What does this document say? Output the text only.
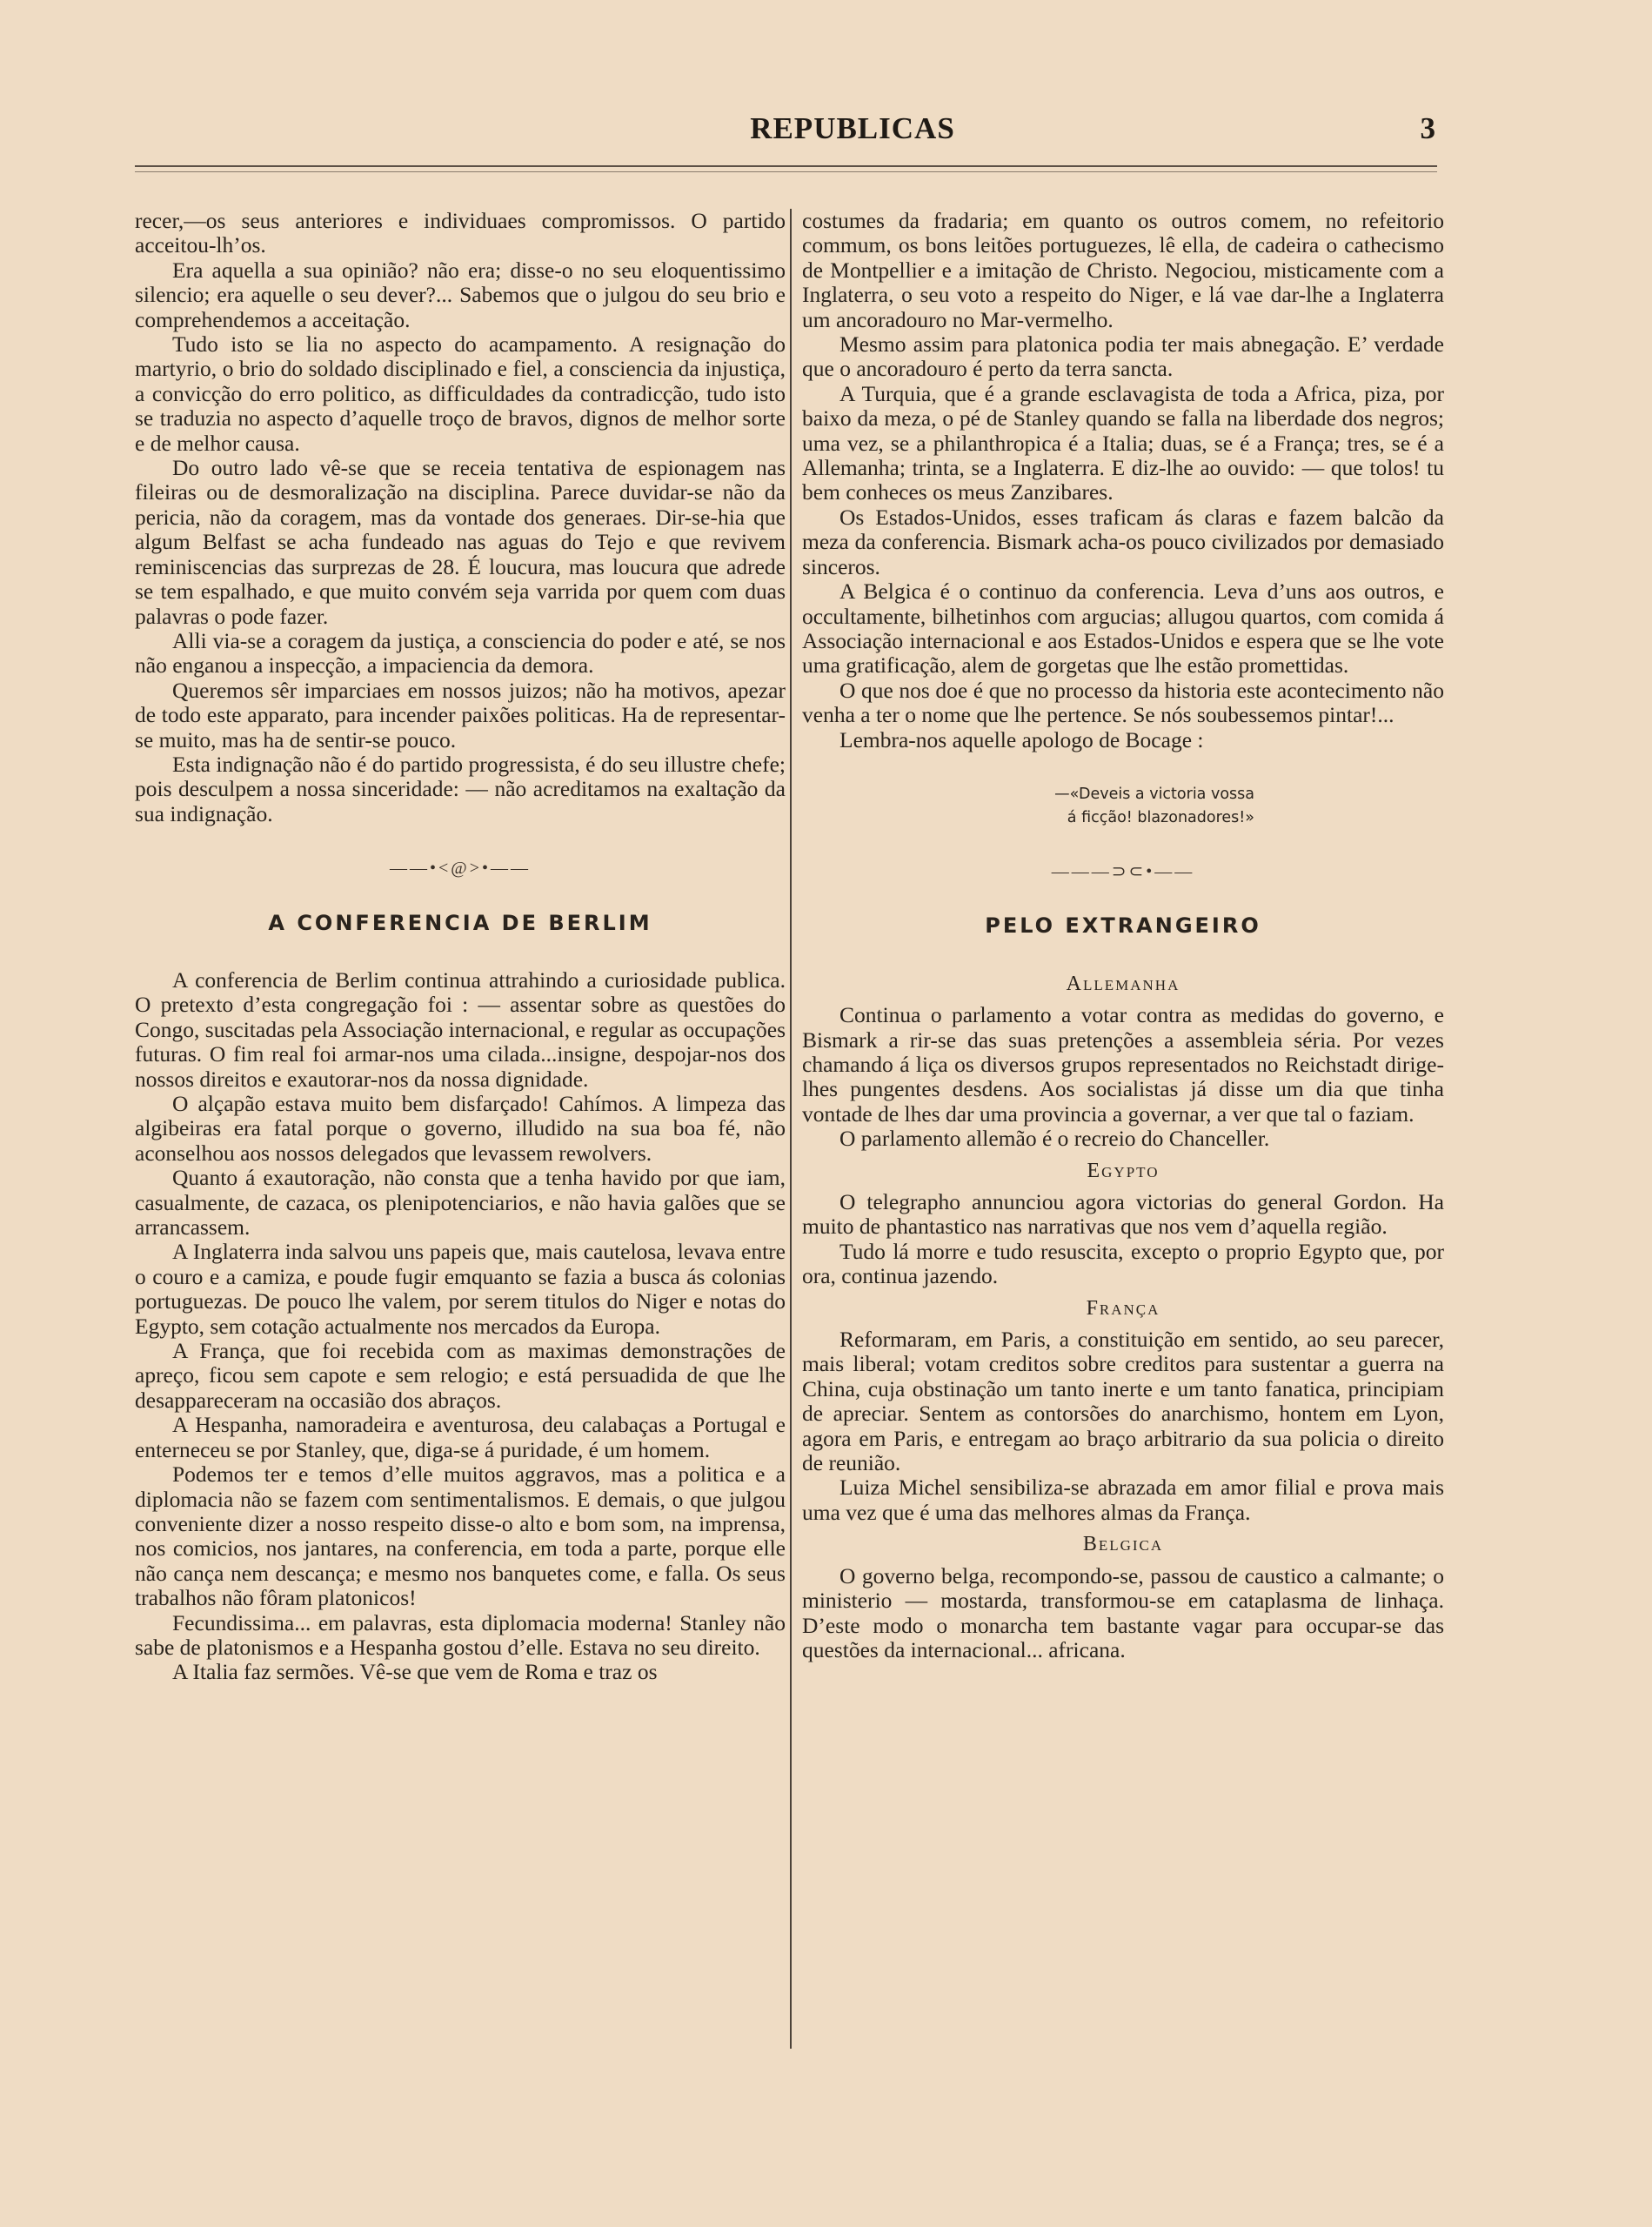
REPUBLICAS	3

recer,—os seus anteriores e individuaes compromissos. O partido acceitou-lh’os.

Era aquella a sua opinião? não era; disse-o no seu eloquentissimo silencio; era aquelle o seu dever?... Sabemos que o julgou do seu brio e comprehendemos a acceitação.

Tudo isto se lia no aspecto do acampamento. A resignação do martyrio, o brio do soldado disciplinado e fiel, a consciencia da injustiça, a convicção do erro politico, as difficuldades da contradicção, tudo isto se traduzia no aspecto d’aquelle troço de bravos, dignos de melhor sorte e de melhor causa.

Do outro lado vê-se que se receia tentativa de espionagem nas fileiras ou de desmoralização na disciplina. Parece duvidar-se não da pericia, não da coragem, mas da vontade dos generaes. Dir-se-hia que algum Belfast se acha fundeado nas aguas do Tejo e que revivem reminiscencias das surprezas de 28. É loucura, mas loucura que adrede se tem espalhado, e que muito convém seja varrida por quem com duas palavras o pode fazer.

Alli via-se a coragem da justiça, a consciencia do poder e até, se nos não enganou a inspecção, a impaciencia da demora.

Queremos sêr imparciaes em nossos juizos; não ha motivos, apezar de todo este apparato, para incender paixões politicas. Ha de representar-se muito, mas ha de sentir-se pouco.

Esta indignação não é do partido progressista, é do seu illustre chefe; pois desculpem a nossa sinceridade: — não acreditamos na exaltação da sua indignação.

——•<@>•——
A CONFERENCIA DE BERLIM

A conferencia de Berlim continua attrahindo a curiosidade publica. O pretexto d’esta congregação foi : — assentar sobre as questões do Congo, suscitadas pela Associação internacional, e regular as occupações futuras. O fim real foi armar-nos uma cilada...insigne, despojar-nos dos nossos direitos e exautorar-nos da nossa dignidade.

O alçapão estava muito bem disfarçado! Cahímos. A limpeza das algibeiras era fatal porque o governo, illudido na sua boa fé, não aconselhou aos nossos delegados que levassem rewolvers.

Quanto á exautoração, não consta que a tenha havido por que iam, casualmente, de cazaca, os plenipotenciarios, e não havia galões que se arrancassem.

A Inglaterra inda salvou uns papeis que, mais cautelosa, levava entre o couro e a camiza, e poude fugir emquanto se fazia a busca ás colonias portuguezas. De pouco lhe valem, por serem titulos do Niger e notas do Egypto, sem cotação actualmente nos mercados da Europa.

A França, que foi recebida com as maximas demonstrações de apreço, ficou sem capote e sem relogio; e está persuadida de que lhe desappareceram na occasião dos abraços.

A Hespanha, namoradeira e aventurosa, deu calabaças a Portugal e enterneceu se por Stanley, que, diga-se á puridade, é um homem.

Podemos ter e temos d’elle muitos aggravos, mas a politica e a diplomacia não se fazem com sentimentalismos. E demais, o que julgou conveniente dizer a nosso respeito disse-o alto e bom som, na imprensa, nos comicios, nos jantares, na conferencia, em toda a parte, porque elle não cança nem descança; e mesmo nos banquetes come, e falla. Os seus trabalhos não fôram platonicos!

Fecundissima... em palavras, esta diplomacia moderna! Stanley não sabe de platonismos e a Hespanha gostou d’elle. Estava no seu direito.

A Italia faz sermões. Vê-se que vem de Roma e traz os

costumes da fradaria; em quanto os outros comem, no refeitorio commum, os bons leitões portuguezes, lê ella, de cadeira o cathecismo de Montpellier e a imitação de Christo. Negociou, misticamente com a Inglaterra, o seu voto a respeito do Niger, e lá vae dar-lhe a Inglaterra um ancoradouro no Mar-vermelho.

Mesmo assim para platonica podia ter mais abnegação. E’ verdade que o ancoradouro é perto da terra sancta.

A Turquia, que é a grande esclavagista de toda a Africa, piza, por baixo da meza, o pé de Stanley quando se falla na liberdade dos negros; uma vez, se a philanthropica é a Italia; duas, se é a França; tres, se é a Allemanha; trinta, se a Inglaterra. E diz-lhe ao ouvido: — que tolos! tu bem conheces os meus Zanzibares.

Os Estados-Unidos, esses traficam ás claras e fazem balcão da meza da conferencia. Bismark acha-os pouco civilizados por demasiado sinceros.

A Belgica é o continuo da conferencia. Leva d’uns aos outros, e occultamente, bilhetinhos com argucias; allugou quartos, com comida á Associação internacional e aos Estados-Unidos e espera que se lhe vote uma gratificação, alem de gorgetas que lhe estão promettidas.

O que nos doe é que no processo da historia este acontecimento não venha a ter o nome que lhe pertence. Se nós soubessemos pintar!...

Lembra-nos aquelle apologo de Bocage :

—«Deveis a victoria vossa
á ficção! blazonadores!»
———⊃⊂•——
PELO EXTRANGEIRO
Allemanha

Continua o parlamento a votar contra as medidas do governo, e Bismark a rir-se das suas pretenções a assembleia séria. Por vezes chamando á liça os diversos grupos representados no Reichstadt dirige-lhes pungentes desdens. Aos socialistas já disse um dia que tinha vontade de lhes dar uma provincia a governar, a ver que tal o faziam.

O parlamento allemão é o recreio do Chanceller.

Egypto

O telegrapho annunciou agora victorias do general Gordon. Ha muito de phantastico nas narrativas que nos vem d’aquella região.

Tudo lá morre e tudo resuscita, excepto o proprio Egypto que, por ora, continua jazendo.

França

Reformaram, em Paris, a constituição em sentido, ao seu parecer, mais liberal; votam creditos sobre creditos para sustentar a guerra na China, cuja obstinação um tanto inerte e um tanto fanatica, principiam de apreciar. Sentem as contorsões do anarchismo, hontem em Lyon, agora em Paris, e entregam ao braço arbitrario da sua policia o direito de reunião.

Luiza Michel sensibiliza-se abrazada em amor filial e prova mais uma vez que é uma das melhores almas da França.

Belgica

O governo belga, recompondo-se, passou de caustico a calmante; o ministerio — mostarda, transformou-se em cataplasma de linhaça. D’este modo o monarcha tem bastante vagar para occupar-se das questões da internacional... africana.
